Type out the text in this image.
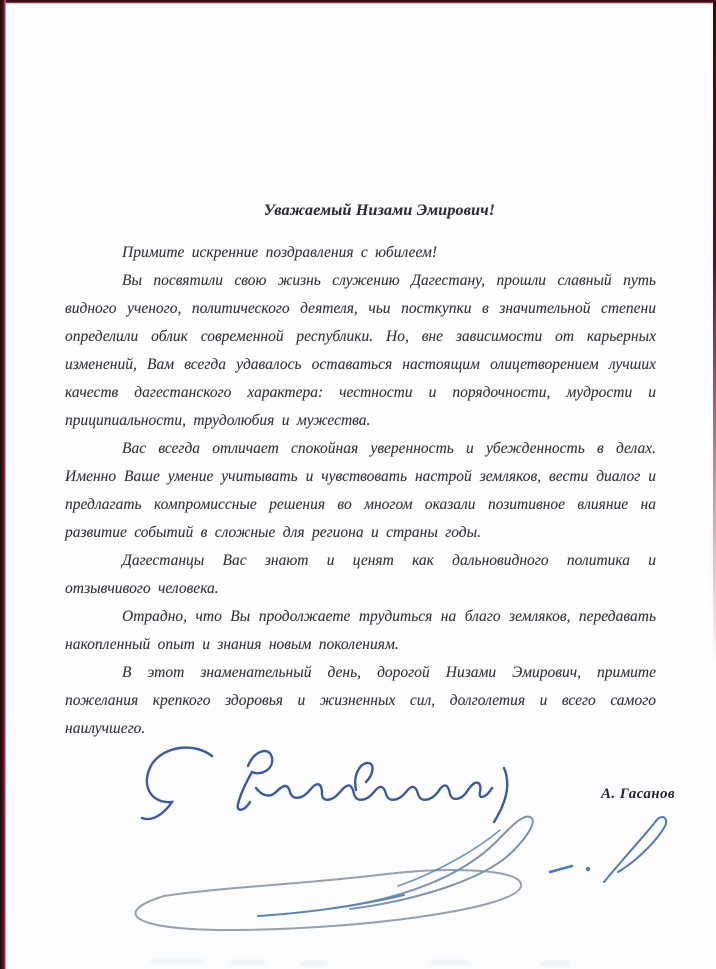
Уважаемый Низами Эмирович!

Примите искренние поздравления с юбилеем!

Вы посвятили свою жизнь служению Дагестану, прошли славный путь видного ученого, политического деятеля, чьи посткупки в значительной степени определили облик современной республики. Но, вне зависимости от карьерных изменений, Вам всегда удавалось оставаться настоящим олицетворением лучших качеств дагестанского характера: честности и порядочности, мудрости и приципиальности, трудолюбия и мужества.

Вас всегда отличает спокойная уверенность и убежденность в делах. Именно Ваше умение учитывать и чувствовать настрой земляков, вести диалог и предлагать компромиссные решения во многом оказали позитивное влияние на развитие событий в сложные для региона и страны годы.

Дагестанцы Вас знают и ценят как дальновидного политика и отзывчивого человека.

Отрадно, что Вы продолжаете трудиться на благо земляков, передавать накопленный опыт и знания новым поколениям.

В этот знаменательный день, дорогой Низами Эмирович, примите пожелания крепкого здоровья и жизненных сил, долголетия и всего самого наилучшего.

А. Гасанов
